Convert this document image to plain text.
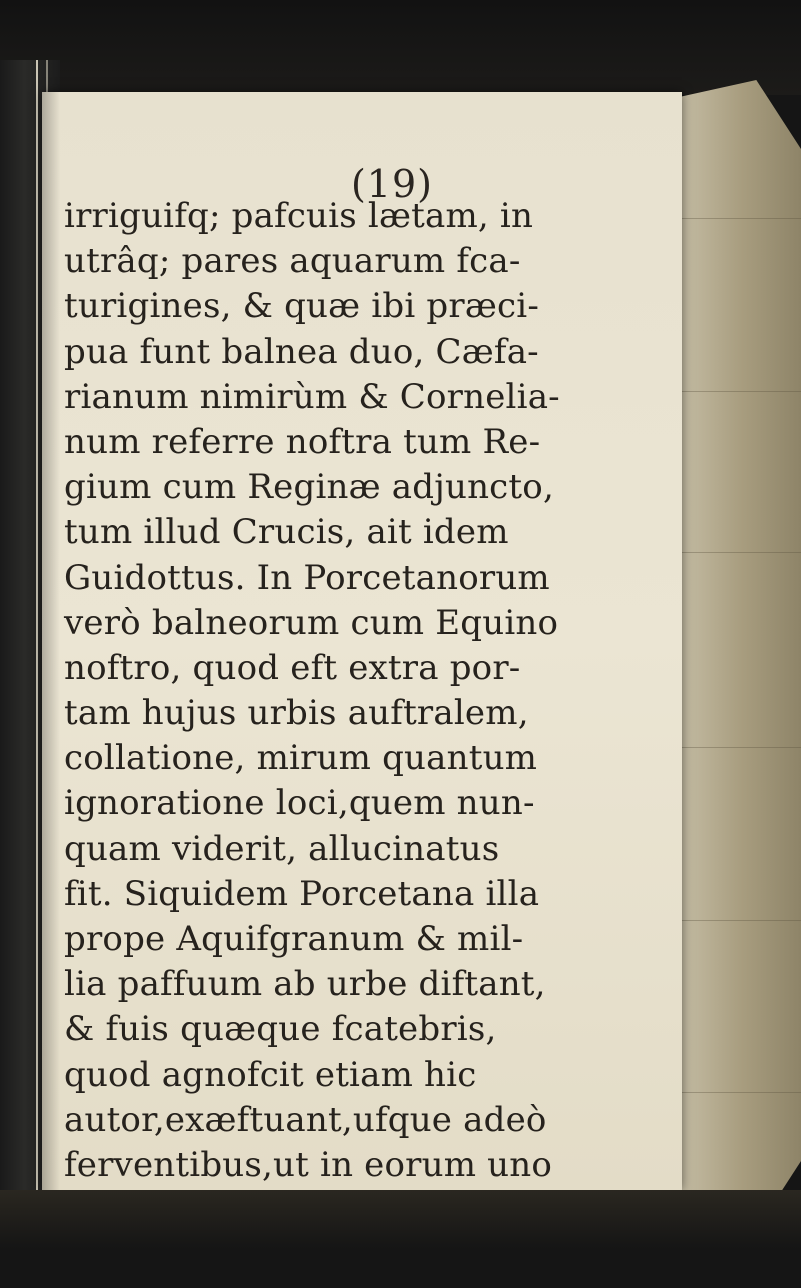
(19)
irriguifq; pafcuis lætam, in
utrâq; pares aquarum fca-
turigines, & quæ ibi præci-
pua funt balnea duo, Cæfa-
rianum nimirùm & Cornelia-
num referre noftra tum Re-
gium cum Reginæ adjuncto,
tum illud Crucis, ait idem
Guidottus. In Porcetanorum
verò balneorum cum Equino
noftro, quod eft extra por-
tam hujus urbis auftralem,
collatione, mirum quantum
ignoratione loci,quem nun-
quam viderit, allucinatus
fit. Siquidem Porcetana illa
prope Aquifgranum & mil-
lia paffuum ab urbe diftant,
& fuis quæque fcatebris,
quod agnofcit etiam hic
autor,exæftuant,ufque adeò
ferventibus,ut in eorum uno
